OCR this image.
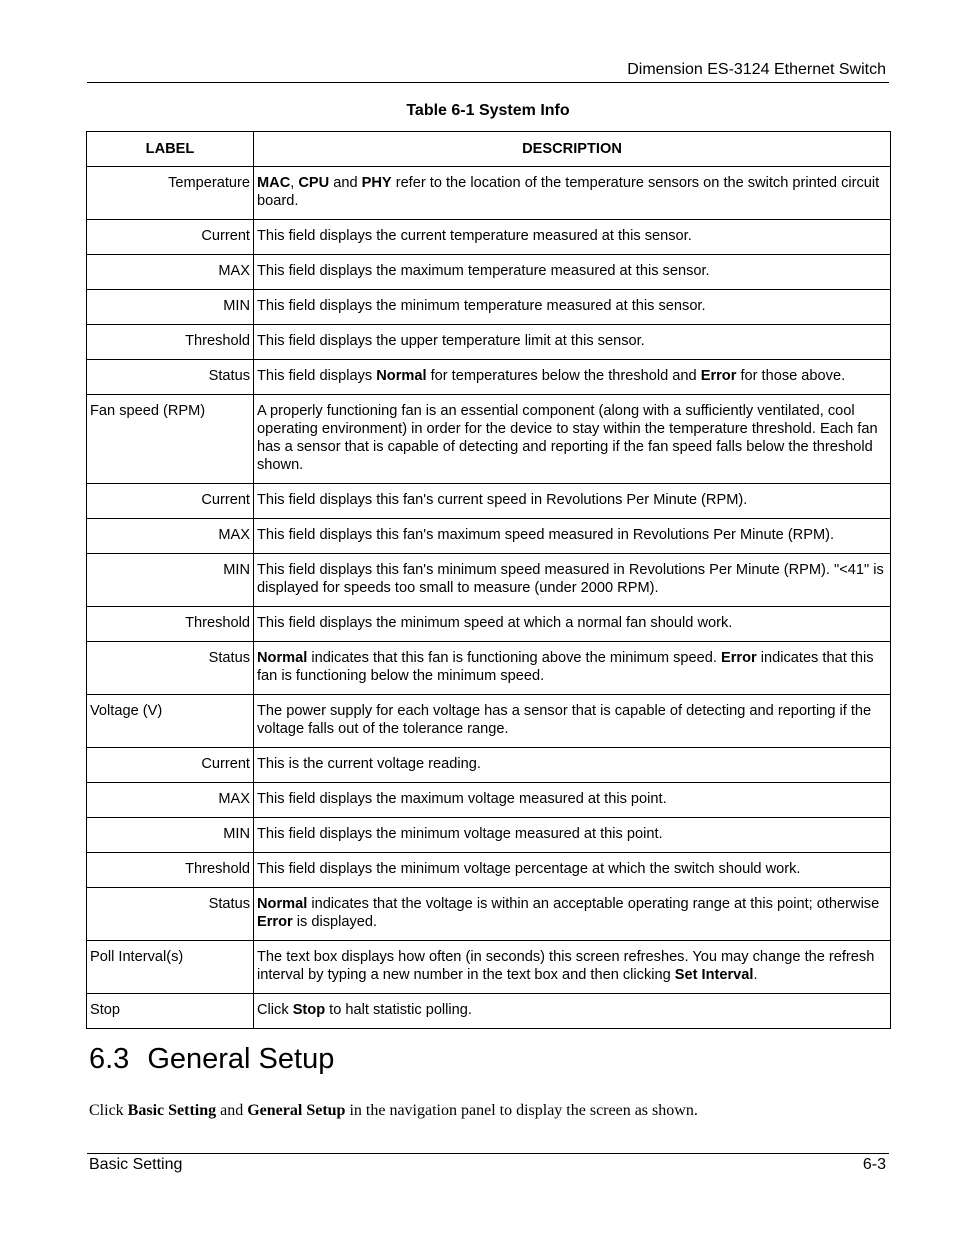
Dimension ES-3124 Ethernet Switch
Table 6-1 System Info
LABEL	DESCRIPTION
Temperature	MAC, CPU and PHY refer to the location of the temperature sensors on the switch printed circuit board.
Current	This field displays the current temperature measured at this sensor.
MAX	This field displays the maximum temperature measured at this sensor.
MIN	This field displays the minimum temperature measured at this sensor.
Threshold	This field displays the upper temperature limit at this sensor.
Status	This field displays Normal for temperatures below the threshold and Error for those above.
Fan speed (RPM)	A properly functioning fan is an essential component (along with a sufficiently ventilated, cool operating environment) in order for the device to stay within the temperature threshold. Each fan has a sensor that is capable of detecting and reporting if the fan speed falls below the threshold shown.
Current	This field displays this fan's current speed in Revolutions Per Minute (RPM).
MAX	This field displays this fan's maximum speed measured in Revolutions Per Minute (RPM).
MIN	This field displays this fan's minimum speed measured in Revolutions Per Minute (RPM). "<41" is displayed for speeds too small to measure (under 2000 RPM).
Threshold	This field displays the minimum speed at which a normal fan should work.
Status	Normal indicates that this fan is functioning above the minimum speed. Error indicates that this fan is functioning below the minimum speed.
Voltage (V)	The power supply for each voltage has a sensor that is capable of detecting and reporting if the voltage falls out of the tolerance range.
Current	This is the current voltage reading.
MAX	This field displays the maximum voltage measured at this point.
MIN	This field displays the minimum voltage measured at this point.
Threshold	This field displays the minimum voltage percentage at which the switch should work.
Status	Normal indicates that the voltage is within an acceptable operating range at this point; otherwise Error is displayed.
Poll Interval(s)	The text box displays how often (in seconds) this screen refreshes. You may change the refresh interval by typing a new number in the text box and then clicking Set Interval.
Stop	Click Stop to halt statistic polling.
6.3 General Setup
Click Basic Setting and General Setup in the navigation panel to display the screen as shown.
Basic Setting	6-3
